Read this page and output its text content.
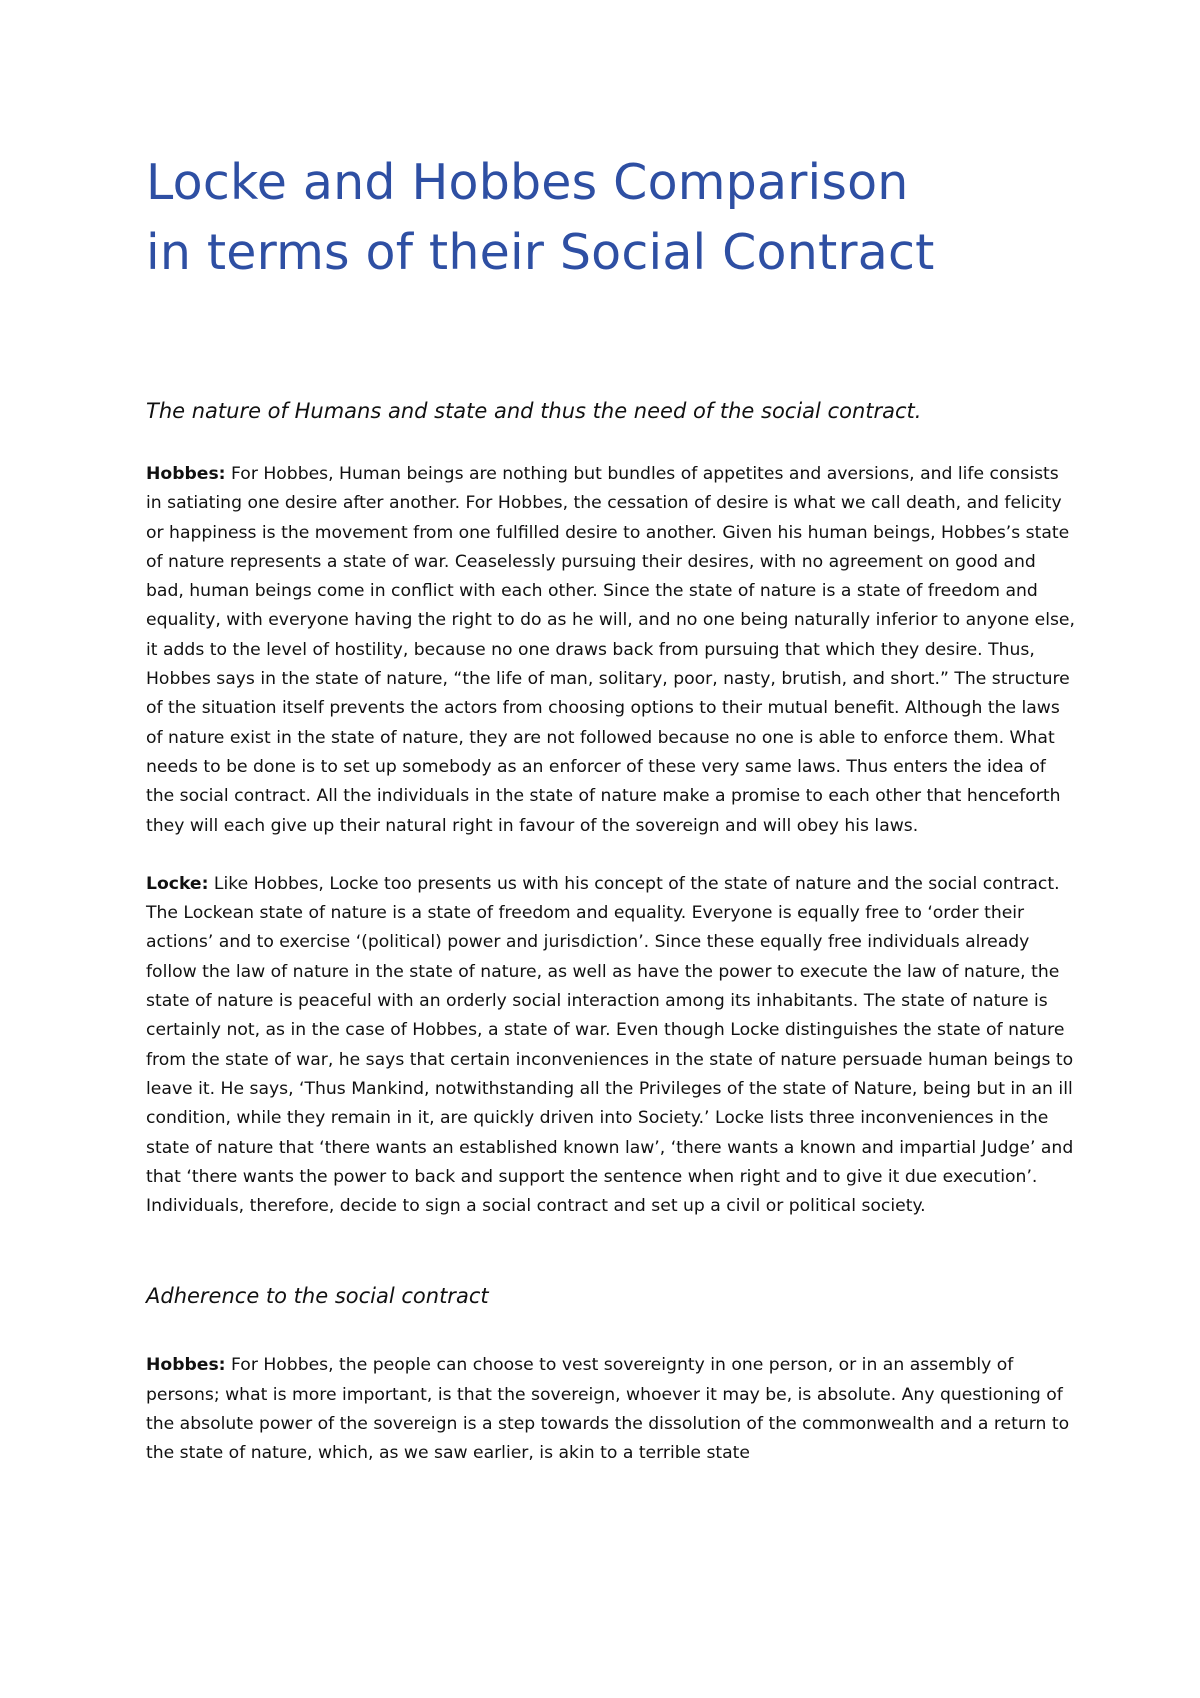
Locke and Hobbes Comparison
in terms of their Social Contract
The nature of Humans and state and thus the need of the social contract.

Hobbes: For Hobbes, Human beings are nothing but bundles of appetites and aversions, and life consists in satiating one desire after another. For Hobbes, the cessation of desire is what we call death, and felicity or happiness is the movement from one fulfilled desire to another. Given his human beings, Hobbes’s state of nature represents a state of war. Ceaselessly pursuing their desires, with no agreement on good and bad, human beings come in conflict with each other. Since the state of nature is a state of freedom and equality, with everyone having the right to do as he will, and no one being naturally inferior to anyone else, it adds to the level of hostility, because no one draws back from pursuing that which they desire. Thus, Hobbes says in the state of nature, “the life of man, solitary, poor, nasty, brutish, and short.” The structure of the situation itself prevents the actors from choosing options to their mutual benefit. Although the laws of nature exist in the state of nature, they are not followed because no one is able to enforce them. What needs to be done is to set up somebody as an enforcer of these very same laws. Thus enters the idea of the social contract. All the individuals in the state of nature make a promise to each other that henceforth they will each give up their natural right in favour of the sovereign and will obey his laws.

Locke: Like Hobbes, Locke too presents us with his concept of the state of nature and the social contract. The Lockean state of nature is a state of freedom and equality. Everyone is equally free to ‘order their actions’ and to exercise ‘(political) power and jurisdiction’. Since these equally free individuals already follow the law of nature in the state of nature, as well as have the power to execute the law of nature, the state of nature is peaceful with an orderly social interaction among its inhabitants. The state of nature is certainly not, as in the case of Hobbes, a state of war. Even though Locke distinguishes the state of nature from the state of war, he says that certain inconveniences in the state of nature persuade human beings to leave it. He says, ‘Thus Mankind, notwithstanding all the Privileges of the state of Nature, being but in an ill condition, while they remain in it, are quickly driven into Society.’ Locke lists three inconveniences in the state of nature that ‘there wants an established known law’, ‘there wants a known and impartial Judge’ and that ‘there wants the power to back and support the sentence when right and to give it due execution’. Individuals, therefore, decide to sign a social contract and set up a civil or political society.

Adherence to the social contract

Hobbes: For Hobbes, the people can choose to vest sovereignty in one person, or in an assembly of persons; what is more important, is that the sovereign, whoever it may be, is absolute. Any questioning of the absolute power of the sovereign is a step towards the dissolution of the commonwealth and a return to the state of nature, which, as we saw earlier, is akin to a terrible state
